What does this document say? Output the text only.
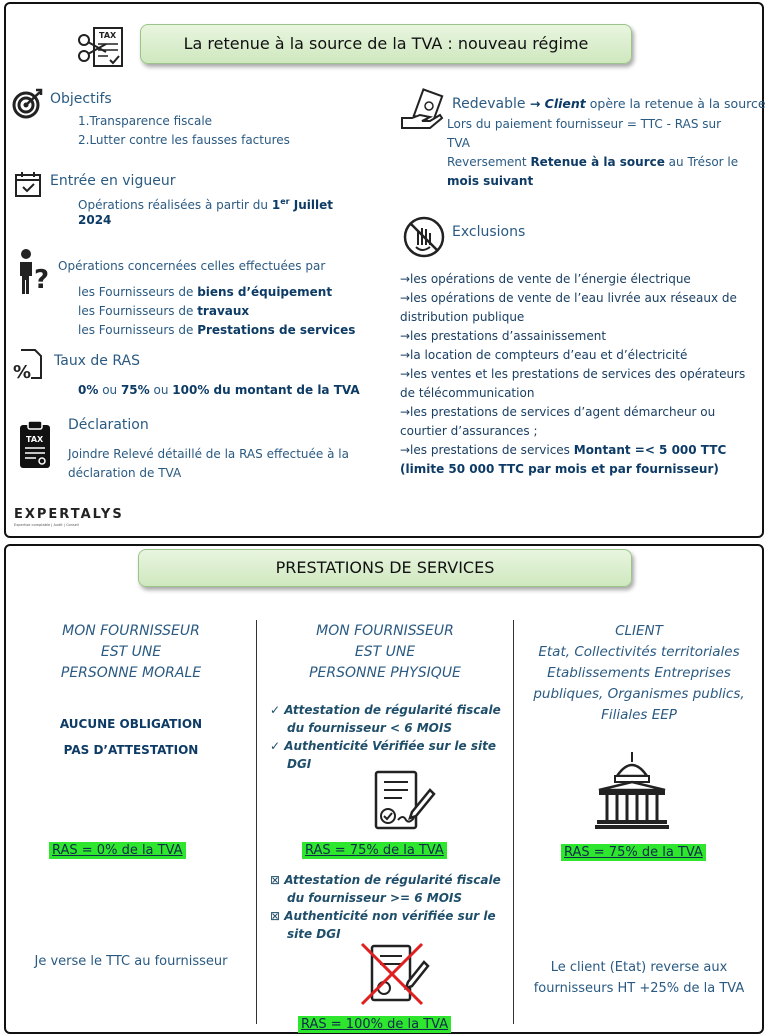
TAX	La retenue à la source de la TVA : nouveau régime
Objectifs
1.Transparence fiscale
2.Lutter contre les fausses factures
Entrée en vigueur
Opérations réalisées à partir du 1er Juillet
2024
? Opérations concernées celles effectuées par
les Fournisseurs de biens d’équipement
les Fournisseurs de travaux
les Fournisseurs de Prestations de services
%
Taux de RAS
0% ou 75% ou 100% du montant de la TVA
TAX
Déclaration
Joindre Relevé détaillé de la RAS effectuée à la
déclaration de TVA
EXPERTALYS
Expertise comptable | Audit | Conseil
Redevable → Client opère la retenue à la source
Lors du paiement fournisseur = TTC - RAS sur
TVA
Reversement Retenue à la source au Trésor le
mois suivant
Exclusions
→les opérations de vente de l’énergie électrique
→les opérations de vente de l’eau livrée aux réseaux de
distribution publique
→les prestations d’assainissement
→la location de compteurs d’eau et d’électricité
→les ventes et les prestations de services des opérateurs
de télécommunication
→les prestations de services d’agent démarcheur ou
courtier d’assurances ;
→les prestations de services Montant =< 5 000 TTC
(limite 50 000 TTC par mois et par fournisseur)
PRESTATIONS DE SERVICES
MON FOURNISSEUR
EST UNE
PERSONNE MORALE
AUCUNE OBLIGATION
PAS D’ATTESTATION
RAS = 0% de la TVA
Je verse le TTC au fournisseur
MON FOURNISSEUR
EST UNE
PERSONNE PHYSIQUE
✓ Attestation de régularité fiscale
du fournisseur < 6 MOIS
✓ Authenticité Vérifiée sur le site
DGI
RAS = 75% de la TVA
⊠ Attestation de régularité fiscale
du fournisseur >= 6 MOIS
⊠ Authenticité non vérifiée sur le
site DGI
RAS = 100% de la TVA
CLIENT
Etat, Collectivités territoriales
Etablissements Entreprises
publiques, Organismes publics,
Filiales EEP
RAS = 75% de la TVA
Le client (Etat) reverse aux
fournisseurs HT +25% de la TVA
